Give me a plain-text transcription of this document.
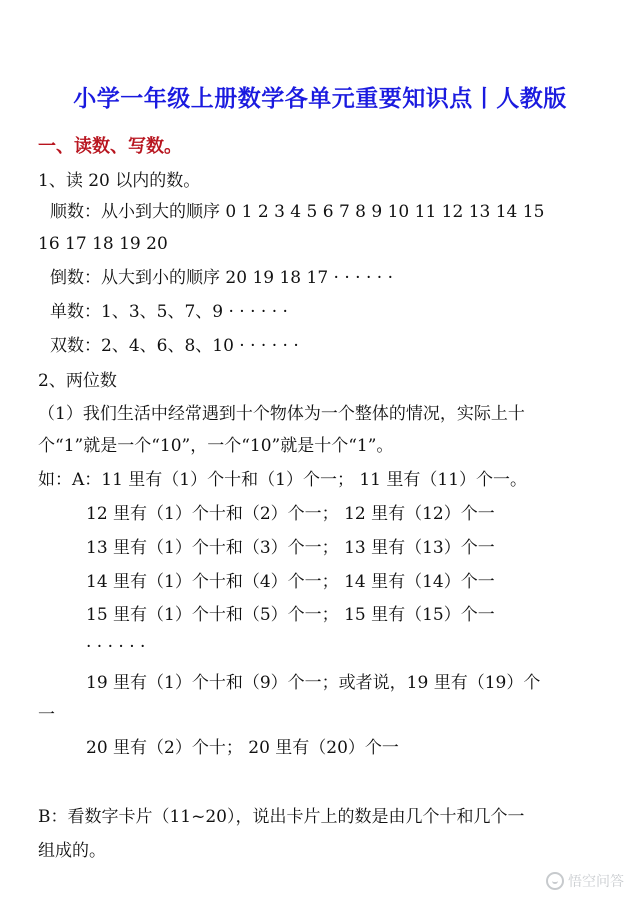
小学一年级上册数学各单元重要知识点丨人教版
一、读数、写数。
1、读 20 以内的数。
顺数：从小到大的顺序 0 1 2 3 4 5 6 7 8 9 10 11 12 13 14 15
16 17 18 19 20
倒数：从大到小的顺序 20 19 18 17 · · · · · ·
单数：1、3、5、7、9 · · · · · ·
双数：2、4、6、8、10 · · · · · ·
2、两位数
（1）我们生活中经常遇到十个物体为一个整体的情况，实际上十
个“1”就是一个“10”，一个“10”就是十个“1”。
如：A：11 里有（1）个十和（1）个一； 11 里有（11）个一。
12 里有（1）个十和（2）个一； 12 里有（12）个一
13 里有（1）个十和（3）个一； 13 里有（13）个一
14 里有（1）个十和（4）个一； 14 里有（14）个一
15 里有（1）个十和（5）个一； 15 里有（15）个一
· · · · · ·
19 里有（1）个十和（9）个一；或者说，19 里有（19）个
一
20 里有（2）个十； 20 里有（20）个一
B：看数字卡片（11~20），说出卡片上的数是由几个十和几个一
组成的。
悟空问答
